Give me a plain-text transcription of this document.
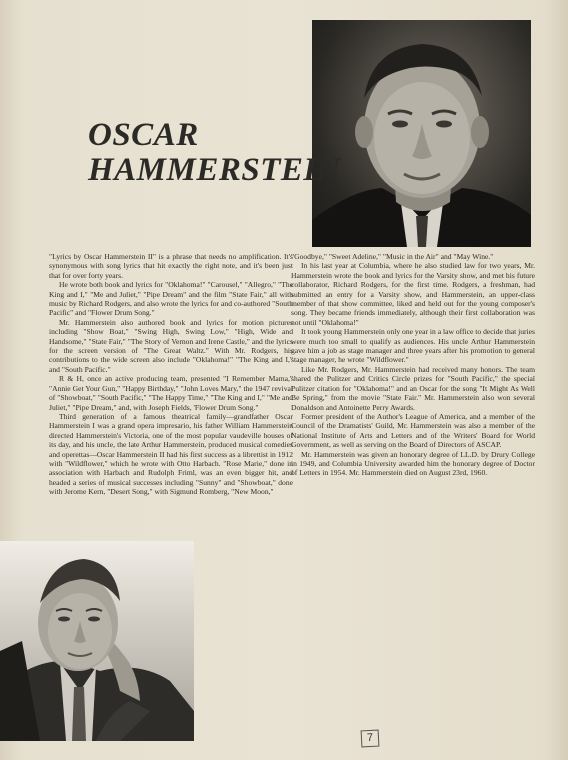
OSCAR
HAMMERSTEIN

"Lyrics by Oscar Hammerstein II" is a phrase that needs no amplification. It's synonymous with song lyrics that hit exactly the right note, and it's been just that for over forty years.

He wrote both book and lyrics for "Oklahoma!" "Carousel," "Allegro," "The King and I," "Me and Juliet," "Pipe Dream" and the film "State Fair," all with music by Richard Rodgers, and also wrote the lyrics for and co-authored "South Pacific" and "Flower Drum Song."

Mr. Hammerstein also authored book and lyrics for motion pictures including "Show Boat," "Swing High, Swing Low," "High, Wide and Handsome," "State Fair," "The Story of Vernon and Irene Castle," and the lyrics for the screen version of "The Great Waltz." With Mr. Rodgers, his contributions to the wide screen also include "Oklahoma!" "The King and I," and "South Pacific."

R & H, once an active producing team, presented "I Remember Mama," "Annie Get Your Gun," "Happy Birthday," "John Loves Mary," the 1947 revival of "Showboat," "South Pacific," "The Happy Time," "The King and I," "Me and Juliet," "Pipe Dream," and, with Joseph Fields, 'Flower Drum Song."

Third generation of a famous theatrical family—grandfather Oscar Hammerstein I was a grand opera impresario, his father William Hammerstein directed Hammerstein's Victoria, one of the most popular vaudeville houses of its day, and his uncle, the late Arthur Hammerstein, produced musical comedies and operettas—Oscar Hammerstein II had his first success as a librettist in 1912 with "Wildflower," which he wrote with Otto Harbach. "Rose Marie," done in association with Harbach and Rudolph Friml, was an even bigger hit, and headed a series of musical successes including "Sunny" and "Showboat," done with Jerome Kern, "Desert Song," with Sigmund Romberg, "New Moon,"

"Goodbye," "Sweet Adeline," "Music in the Air" and "May Wine."

In his last year at Columbia, where he also studied law for two years, Mr. Hammerstein wrote the book and lyrics for the Varsity show, and met his future collaborator, Richard Rodgers, for the first time. Rodgers, a freshman, had submitted an entry for a Varsity show, and Hammerstein, an upper-class member of that show committee, liked and held out for the young composer's song. They became friends immediately, although their first collaboration was not until "Oklahoma!"

It took young Hammerstein only one year in a law office to decide that juries were much too small to qualify as audiences. His uncle Arthur Hammerstein gave him a job as stage manager and three years after his promotion to general stage manager, he wrote "Wildflower."

Like Mr. Rodgers, Mr. Hammerstein had received many honors. The team shared the Pulitzer and Critics Circle prizes for "South Pacific," the special Pulitzer citation for "Oklahoma!" and an Oscar for the song "It Might As Well Be Spring," from the movie "State Fair." Mr. Hammerstein also won several Donaldson and Antoinette Perry Awards.

Former president of the Author's League of America, and a member of the Council of the Dramatists' Guild, Mr. Hammerstein was also a member of the National Institute of Arts and Letters and of the Writers' Board for World Government, as well as serving on the Board of Directors of ASCAP.

Mr. Hammerstein was given an honorary degree of LL.D. by Drury College in 1949, and Columbia University awarded him the honorary degree of Doctor of Letters in 1954. Mr. Hammerstein died on August 23rd, 1960.

7
